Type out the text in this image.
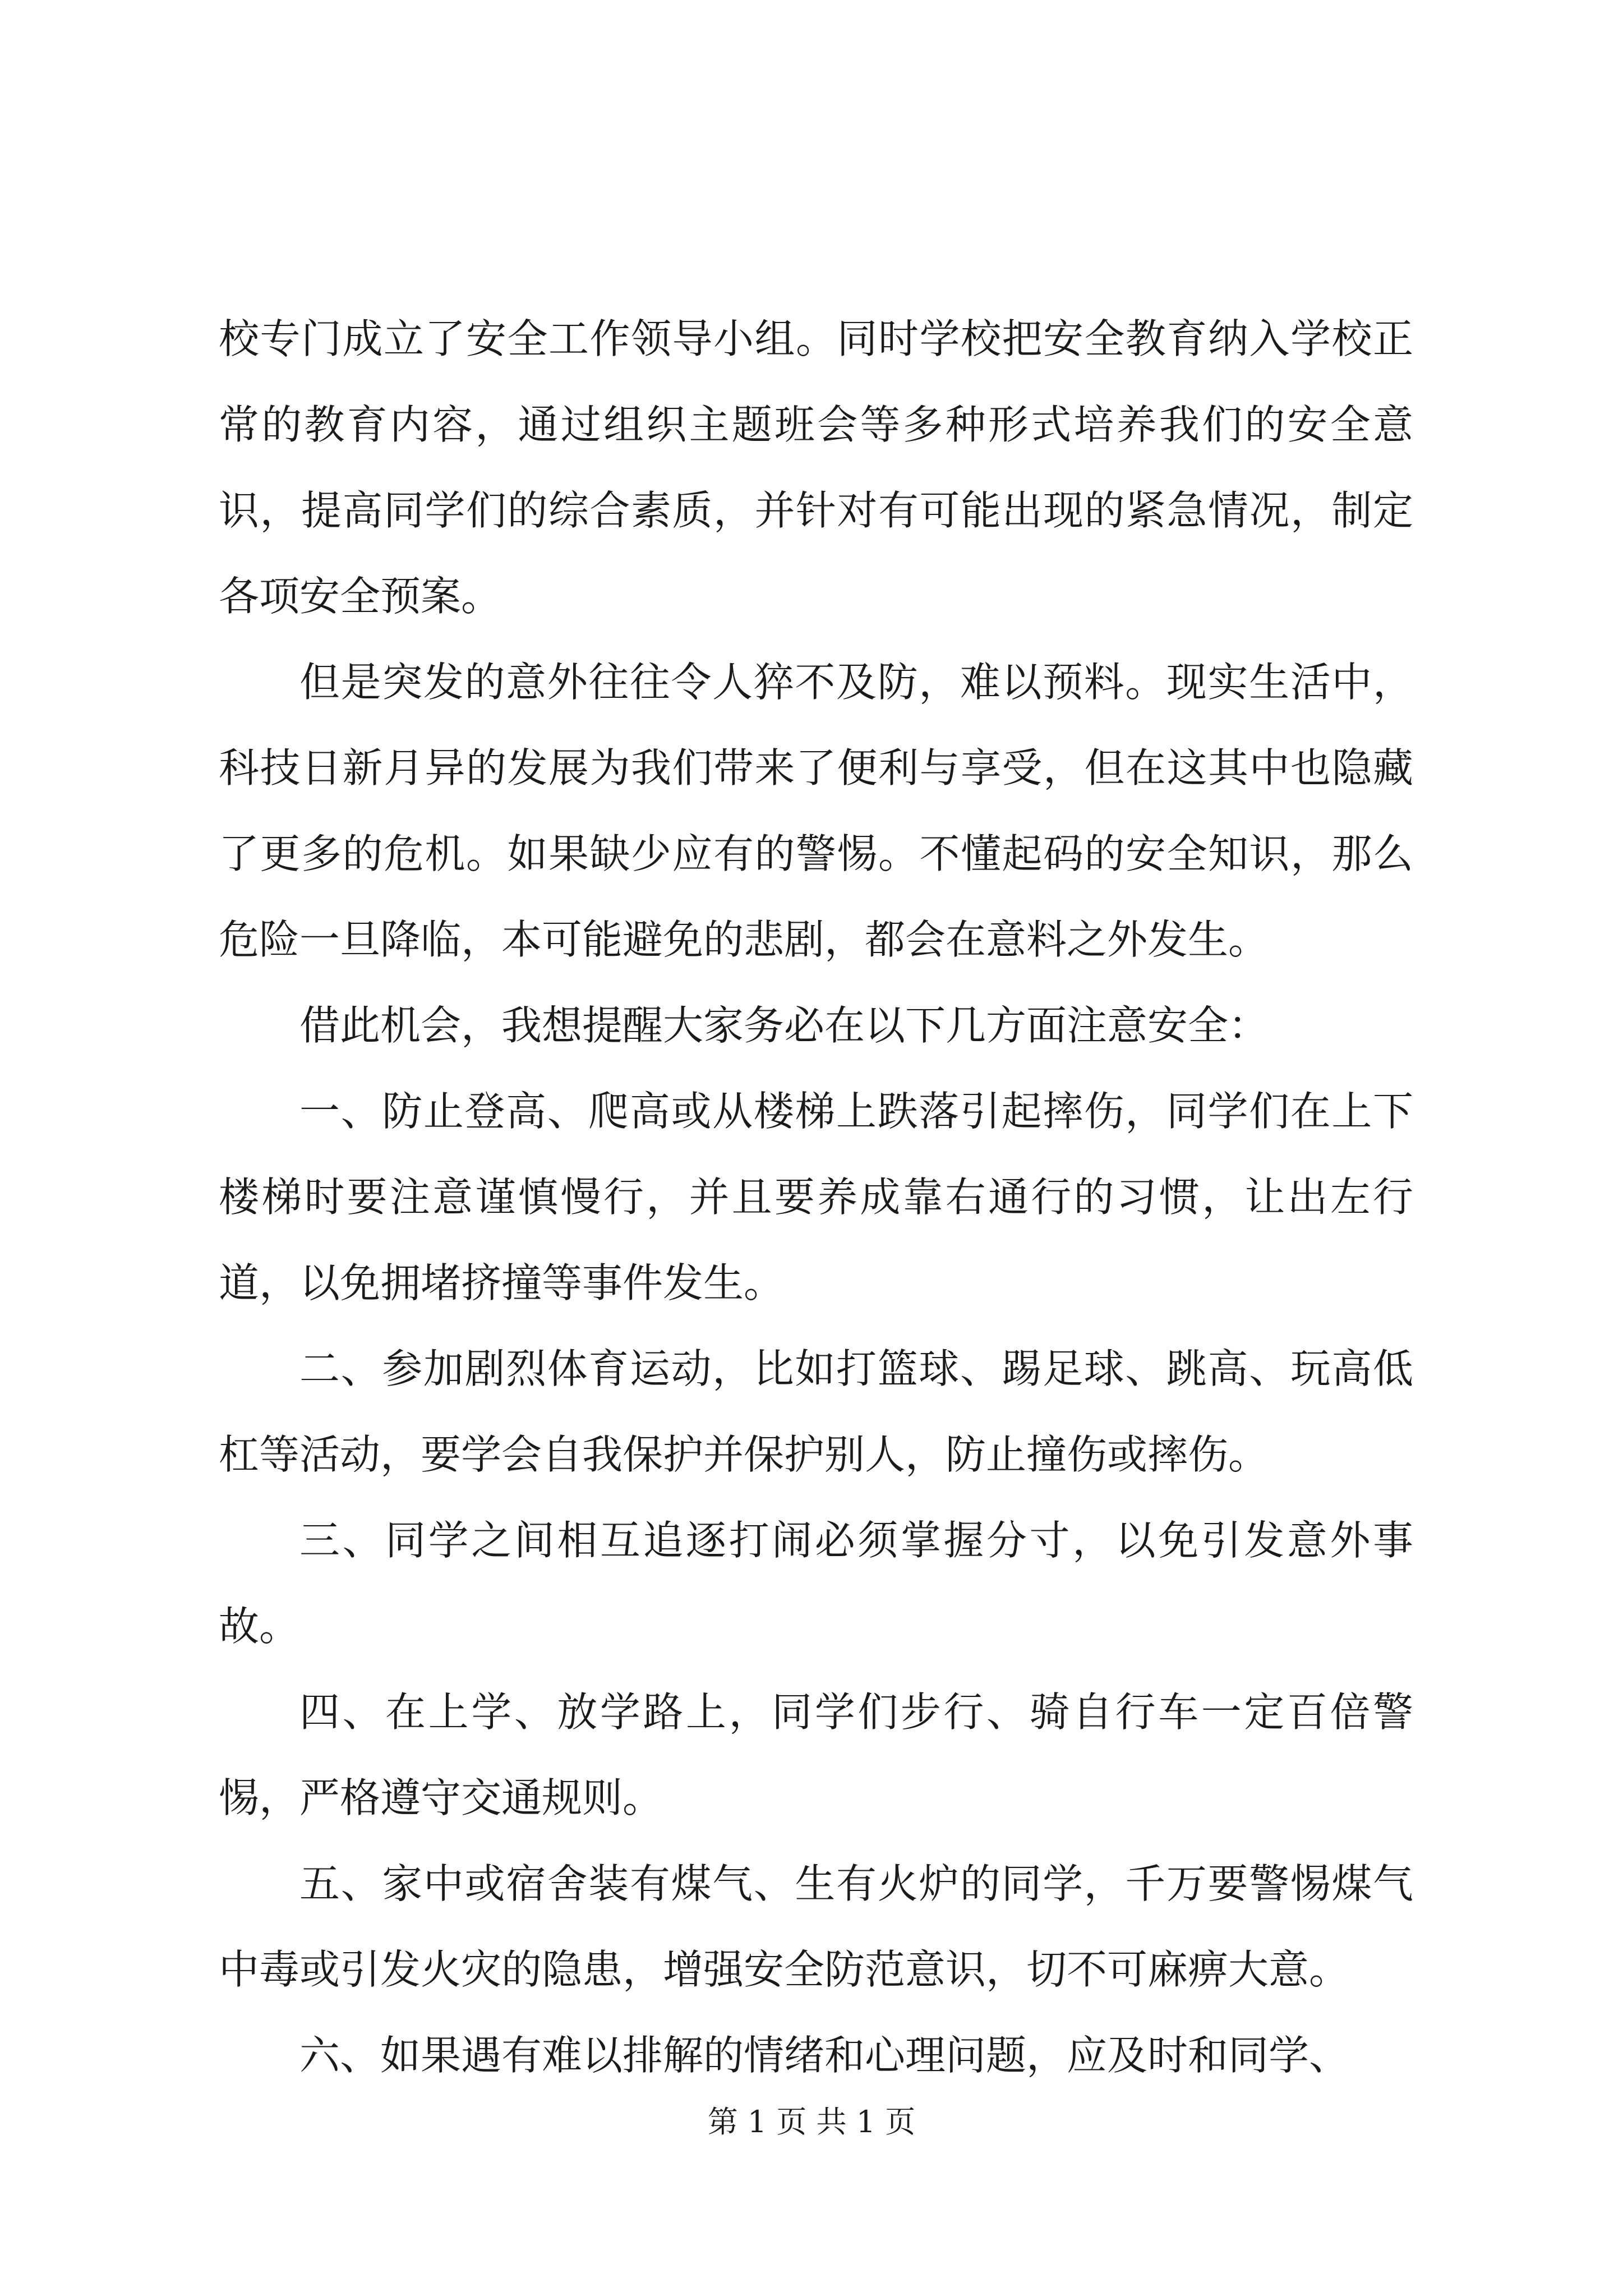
校专门成立了安全工作领导小组。同时学校把安全教育纳入学校正常的教育内容，通过组织主题班会等多种形式培养我们的安全意识，提高同学们的综合素质，并针对有可能出现的紧急情况，制定各项安全预案。

但是突发的意外往往令人猝不及防，难以预料。现实生活中，科技日新月异的发展为我们带来了便利与享受，但在这其中也隐藏了更多的危机。如果缺少应有的警惕。不懂起码的安全知识，那么危险一旦降临，本可能避免的悲剧，都会在意料之外发生。

借此机会，我想提醒大家务必在以下几方面注意安全：

一、防止登高、爬高或从楼梯上跌落引起摔伤，同学们在上下楼梯时要注意谨慎慢行，并且要养成靠右通行的习惯，让出左行道，以免拥堵挤撞等事件发生。

二、参加剧烈体育运动，比如打篮球、踢足球、跳高、玩高低杠等活动，要学会自我保护并保护别人，防止撞伤或摔伤。

三、同学之间相互追逐打闹必须掌握分寸，以免引发意外事故。

四、在上学、放学路上，同学们步行、骑自行车一定百倍警惕，严格遵守交通规则。

五、家中或宿舍装有煤气、生有火炉的同学，千万要警惕煤气中毒或引发火灾的隐患，增强安全防范意识，切不可麻痹大意。

六、如果遇有难以排解的情绪和心理问题，应及时和同学、

第 1 页 共 1 页
